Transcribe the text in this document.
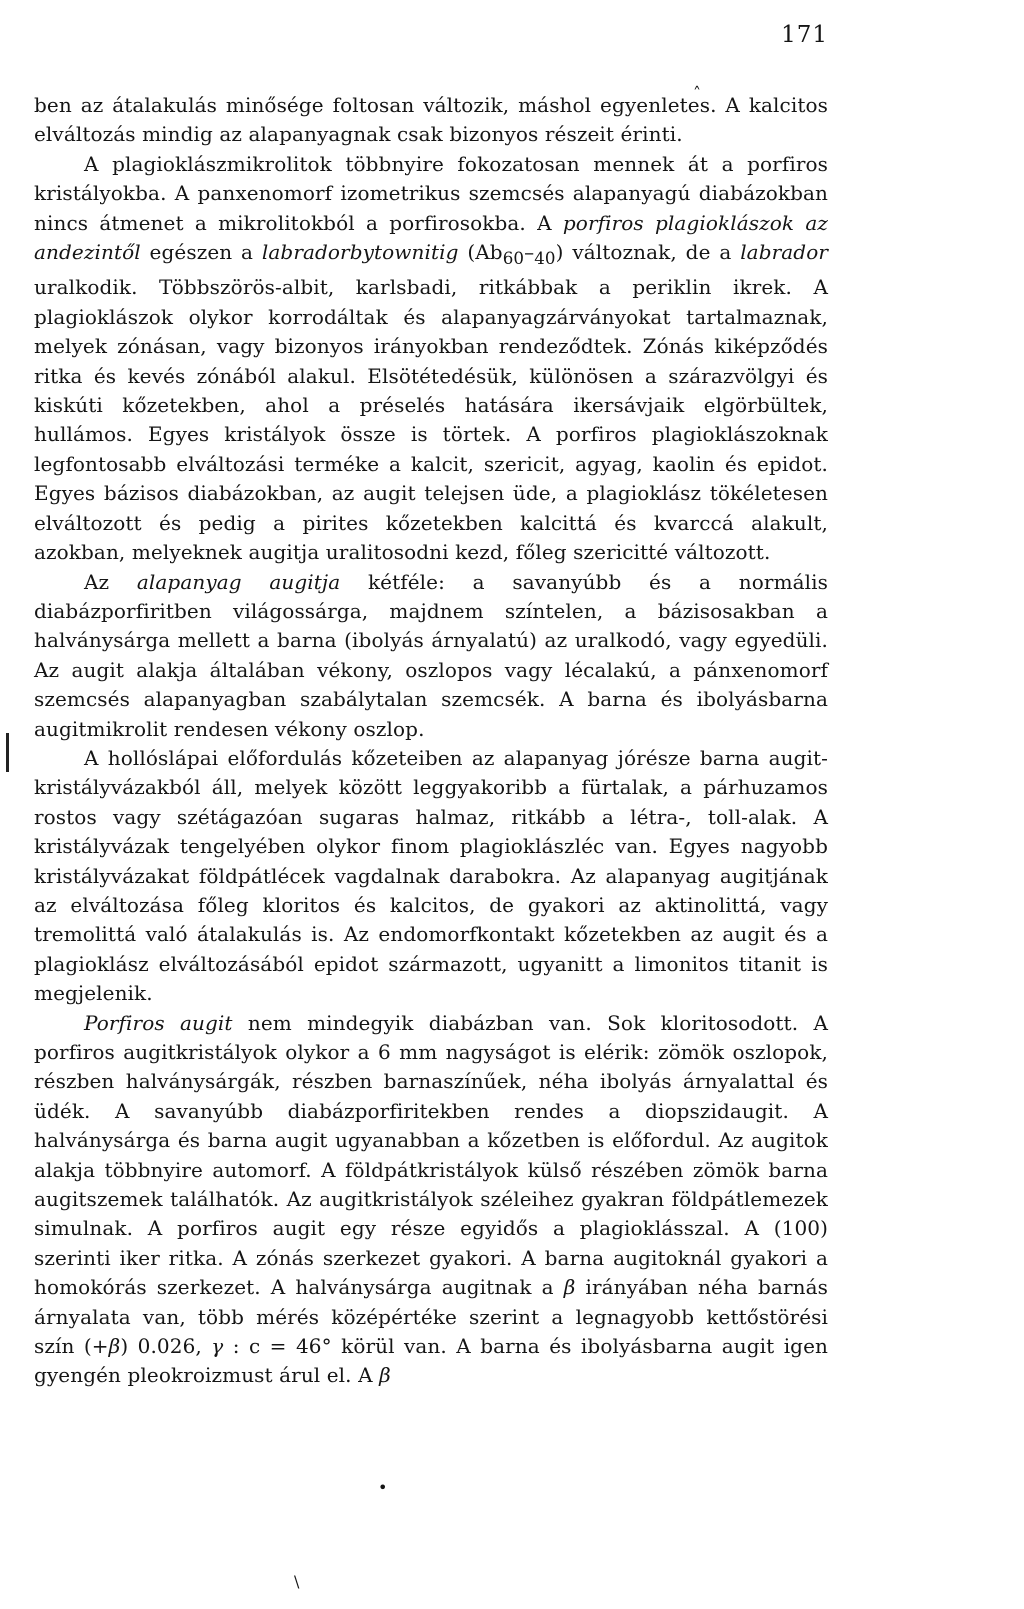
171
˰
•
\

ben az átalakulás minősége foltosan változik, máshol egyenletes. A kalcitos elváltozás mindig az alapanyagnak csak bizonyos részeit érinti.

A plagioklászmikrolitok többnyire fokozatosan mennek át a porfiros kristályokba. A panxenomorf izometrikus szemcsés alapanyagú diabázokban nincs átmenet a mikrolitokból a porfirosokba. A porfiros plagioklászok az andezintől egészen a labradorbytownitig $(Ab_{60}-_{40})$ változnak, de a labrador uralkodik. Többszörös-albit, karlsbadi, ritkábbak a periklin ikrek. A plagioklászok olykor korrodáltak és alapanyagzárványokat tartalmaznak, melyek zónásan, vagy bizonyos irányokban rendeződtek. Zónás kiképződés ritka és kevés zónából alakul. Elsötétedésük, különösen a szárazvölgyi és kiskúti kőzetekben, ahol a préselés hatására ikersávjaik elgörbültek, hullámos. Egyes kristályok össze is törtek. A porfiros plagioklászoknak legfontosabb elváltozási terméke a kalcit, szericit, agyag, kaolin és epidot. Egyes bázisos diabázokban, az augit telejsen üde, a plagioklász tökéletesen elváltozott és pedig a pirites kőzetekben kalcittá és kvarccá alakult, azokban, melyeknek augitja uralitosodni kezd, főleg szericitté változott.

Az alapanyag augitja kétféle: a savanyúbb és a normális diabázporfiritben világossárga, majdnem színtelen, a bázisosakban a halványsárga mellett a barna (ibolyás árnyalatú) az uralkodó, vagy egyedüli. Az augit alakja általában vékony, oszlopos vagy lécalakú, a pánxenomorf szemcsés alapanyagban szabálytalan szemcsék. A barna és ibolyásbarna augitmikrolit rendesen vékony oszlop.

A hollóslápai előfordulás kőzeteiben az alapanyag jórésze barna augit-kristályvázakból áll, melyek között leggyakoribb a fürtalak, a párhuzamos rostos vagy szétágazóan sugaras halmaz, ritkább a létra-, toll-alak. A kristályvázak tengelyében olykor finom plagioklászléc van. Egyes nagyobb kristályvázakat földpátlécek vagdalnak darabokra. Az alapanyag augitjának az elváltozása főleg kloritos és kalcitos, de gyakori az aktinolittá, vagy tremolittá való átalakulás is. Az endomorfkontakt kőzetekben az augit és a plagioklász elváltozásából epidot származott, ugyanitt a limonitos titanit is megjelenik.

Porfiros augit nem mindegyik diabázban van. Sok kloritosodott. A porfiros augitkristályok olykor a 6 mm nagyságot is elérik: zömök oszlopok, részben halványsárgák, részben barnaszínűek, néha ibolyás árnyalattal és üdék. A savanyúbb diabázporfiritekben rendes a diopszidaugit. A halványsárga és barna augit ugyanabban a kőzetben is előfordul. Az augitok alakja többnyire automorf. A földpátkristályok külső részében zömök barna augitszemek találhatók. Az augitkristályok széleihez gyakran földpátlemezek simulnak. A porfiros augit egy része egyidős a plagioklásszal. A (100) szerinti iker ritka. A zónás szerkezet gyakori. A barna augitoknál gyakori a homokórás szerkezet. A halványsárga augitnak a β irányában néha barnás árnyalata van, több mérés középértéke szerint a legnagyobb kettőstörési szín (+β) 0.026, γ : c = 46° körül van. A barna és ibolyásbarna augit igen gyengén pleokroizmust árul el. A β
